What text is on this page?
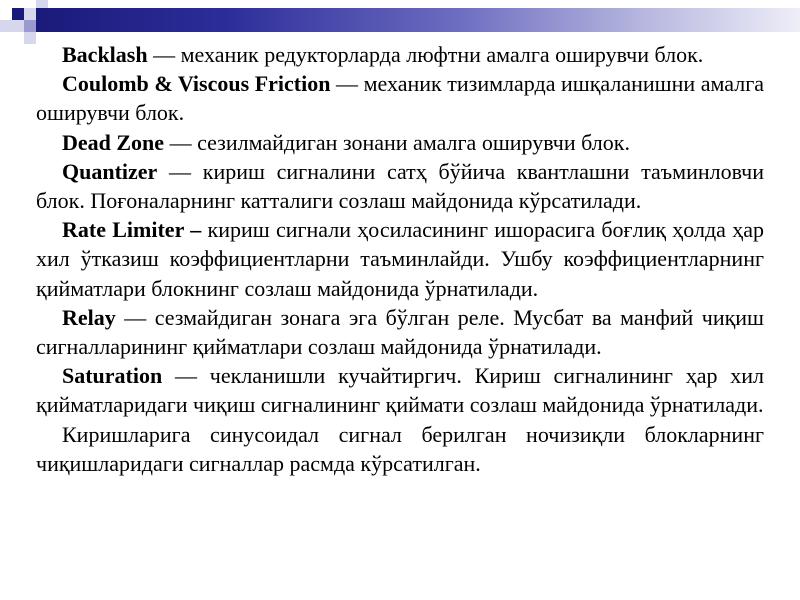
Backlash — механик редукторларда люфтни амалга оширувчи блок.

Coulomb & Viscous Friction — механик тизимларда ишқаланишни амалга оширувчи блок.

Dead Zone — сезилмайдиган зонани амалга оширувчи блок.

Quantizer — кириш сигналини сатҳ бўйича квантлашни таъминловчи блок. Поғоналарнинг катталиги созлаш майдонида кўрсатилади.

Rate Limiter – кириш сигнали ҳосиласининг ишорасига боғлиқ ҳолда ҳар хил ўтказиш коэффициентларни таъминлайди. Ушбу коэффициентларнинг қийматлари блокнинг созлаш майдонида ўрнатилади.

Relay — сезмайдиган зонага эга бўлган реле. Мусбат ва манфий чиқиш сигналларининг қийматлари созлаш майдонида ўрнатилади.

Saturation — чекланишли кучайтиргич. Кириш сигналининг ҳар хил қийматларидаги чиқиш сигналининг қиймати созлаш майдонида ўрнатилади.

Киришларига синусоидал сигнал берилган ночизиқли блокларнинг чиқишларидаги сигналлар расмда кўрсатилган.
